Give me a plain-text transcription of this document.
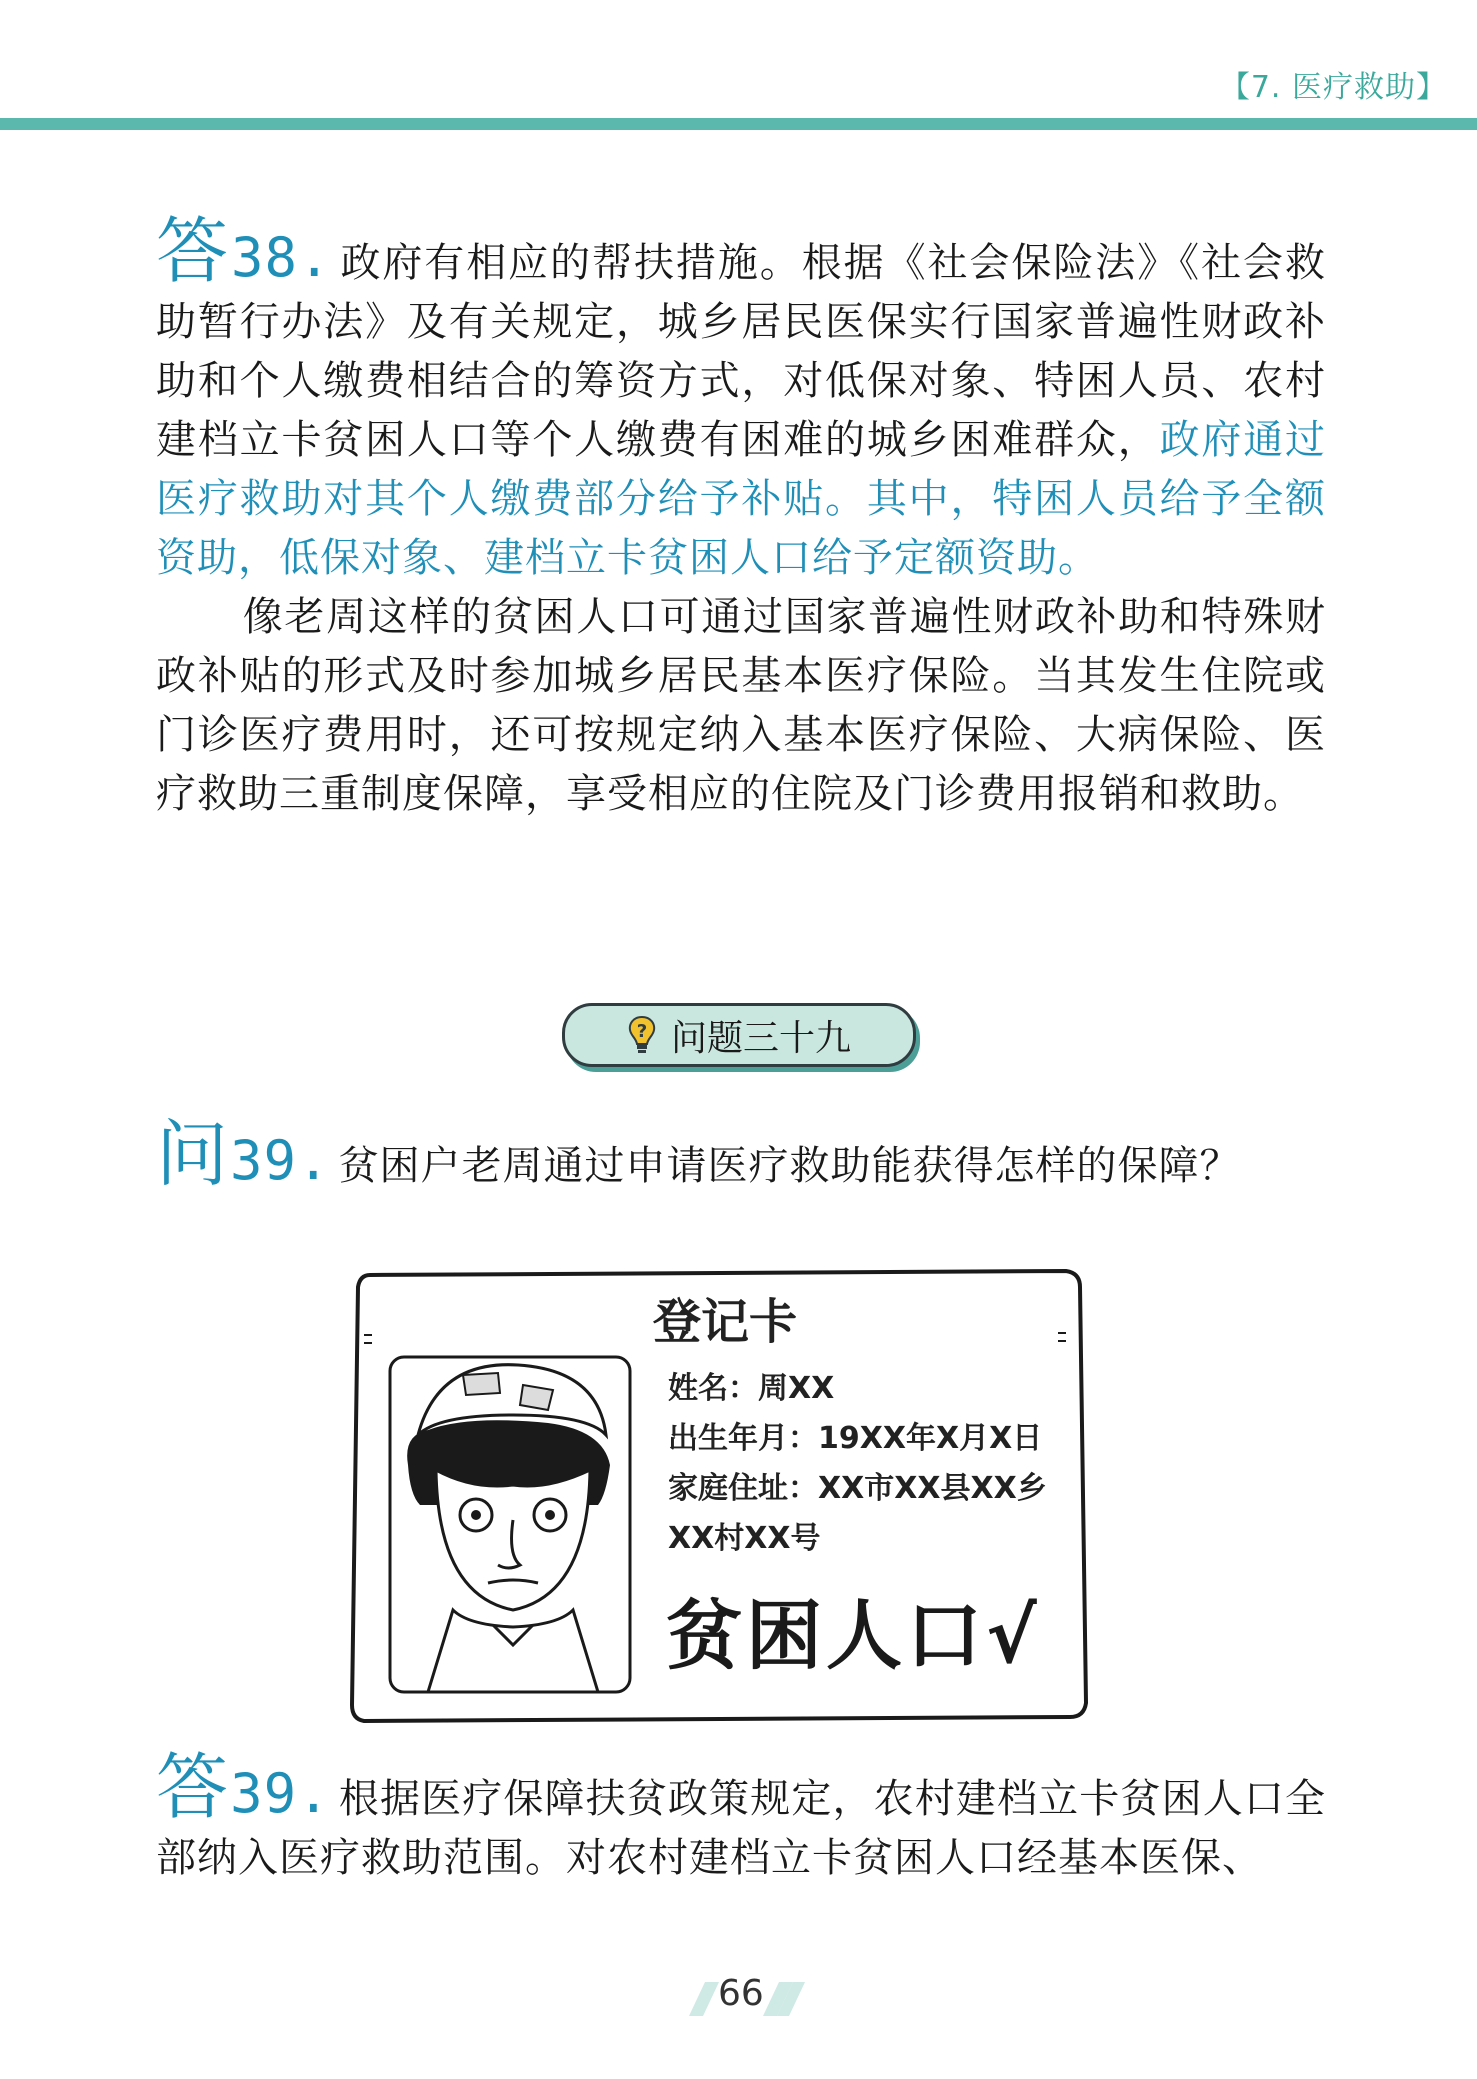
【7. 医疗救助】

答38. 政府有相应的帮扶措施。根据《社会保险法》《社会救助暂行办法》及有关规定，城乡居民医保实行国家普遍性财政补助和个人缴费相结合的筹资方式，对低保对象、特困人员、农村建档立卡贫困人口等个人缴费有困难的城乡困难群众，政府通过医疗救助对其个人缴费部分给予补贴。其中，特困人员给予全额资助，低保对象、建档立卡贫困人口给予定额资助。

像老周这样的贫困人口可通过国家普遍性财政补助和特殊财政补贴的形式及时参加城乡居民基本医疗保险。当其发生住院或门诊医疗费用时，还可按规定纳入基本医疗保险、大病保险、医疗救助三重制度保障，享受相应的住院及门诊费用报销和救助。

? 问题三十九

问39. 贫困户老周通过申请医疗救助能获得怎样的保障？

登记卡
姓名：周XX
出生年月：19XX年X月X日
家庭住址：XX市XX县XX乡
XX村XX号
贫困人口√

答39. 根据医疗保障扶贫政策规定，农村建档立卡贫困人口全部纳入医疗救助范围。对农村建档立卡贫困人口经基本医保、

66
